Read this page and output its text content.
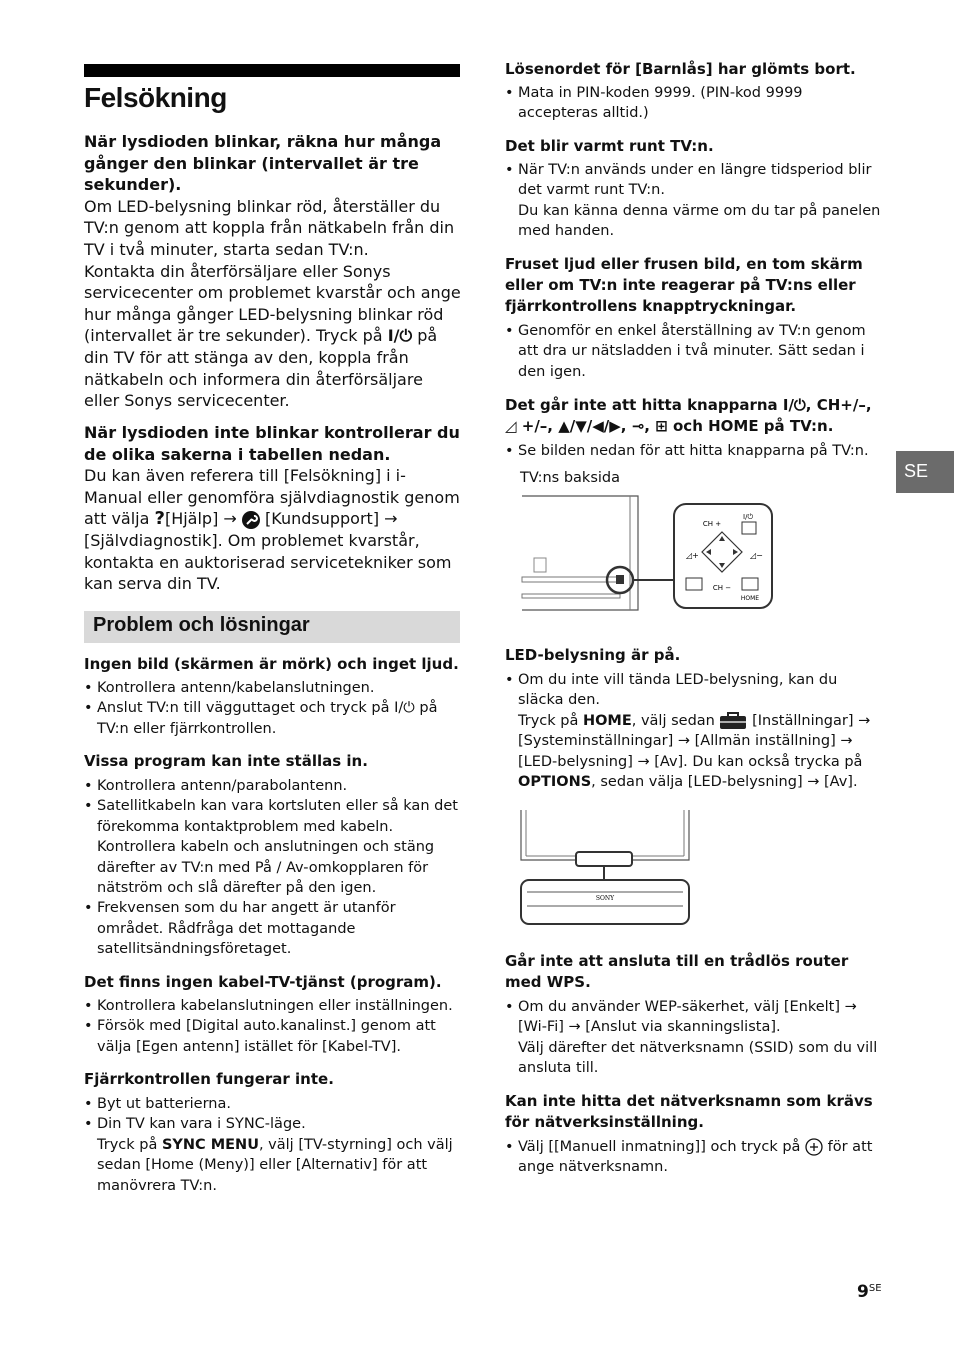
Felsökning

När lysdioden blinkar, räkna hur många gånger den blinkar (intervallet är tre sekunder).

Om LED-belysning blinkar röd, återställer du TV:n genom att koppla från nätkabeln från din TV i två minuter, starta sedan TV:n.

Kontakta din återförsäljare eller Sonys servicecenter om problemet kvarstår och ange hur många gånger LED-belysning blinkar röd (intervallet är tre sekunder). Tryck på I/⏻ på din TV för att stänga av den, koppla från nätkabeln och informera din återförsäljare eller Sonys servicecenter.

När lysdioden inte blinkar kontrollerar du de olika sakerna i tabellen nedan.

Du kan även referera till [Felsökning] i i-Manual eller genomföra självdiagnostik genom att välja ?[Hjälp] → [Kundsupport] → [Självdiagnostik]. Om problemet kvarstår, kontakta en auktoriserad servicetekniker som kan serva din TV.

Problem och lösningar
Ingen bild (skärmen är mörk) och inget ljud.
• Kontrollera antenn/kabelanslutningen.
• Anslut TV:n till vägguttaget och tryck på I/⏻ på TV:n eller fjärrkontrollen.
Vissa program kan inte ställas in.
• Kontrollera antenn/parabolantenn.
• Satellitkabeln kan vara kortsluten eller så kan det förekomma kontaktproblem med kabeln. Kontrollera kabeln och anslutningen och stäng därefter av TV:n med På / Av-omkopplaren för nätström och slå därefter på den igen.
• Frekvensen som du har angett är utanför området. Rådfråga det mottagande satellitsändningsföretaget.
Det finns ingen kabel-TV-tjänst (program).
• Kontrollera kabelanslutningen eller inställningen.
• Försök med [Digital auto.kanalinst.] genom att välja [Egen antenn] istället för [Kabel-TV].
Fjärrkontrollen fungerar inte.
• Byt ut batterierna.
• Din TV kan vara i SYNC-läge.
Tryck på SYNC MENU, välj [TV-styrning] och välj sedan [Home (Meny)] eller [Alternativ] för att manövrera TV:n.
Lösenordet för [Barnlås] har glömts bort.
• Mata in PIN-koden 9999. (PIN-kod 9999 accepteras alltid.)
Det blir varmt runt TV:n.
• När TV:n används under en längre tidsperiod blir det varmt runt TV:n.
Du kan känna denna värme om du tar på panelen med handen.
Fruset ljud eller frusen bild, en tom skärm eller om TV:n inte reagerar på TV:ns eller fjärrkontrollens knapptryckningar.
• Genomför en enkel återställning av TV:n genom att dra ur nätsladden i två minuter. Sätt sedan i den igen.
Det går inte att hitta knapparna I/⏻, CH+/–,
◿ +/–, ▲/▼/◀/▶, ⊸, ⊞ och HOME på TV:n.
• Se bilden nedan för att hitta knapparna på TV:n.
TV:ns baksida
CH +
I/⏻
◿+	◿−
CH −
HOME
LED-belysning är på.
• Om du inte vill tända LED-belysning, kan du släcka den.
Tryck på HOME, välj sedan  [Inställningar] → [Systeminställningar] → [Allmän inställning] → [LED-belysning] → [Av]. Du kan också trycka på OPTIONS, sedan välja [LED-belysning] → [Av].
SONY
Går inte att ansluta till en trådlös router med WPS.
• Om du använder WEP-säkerhet, välj [Enkelt] → [Wi-Fi] → [Anslut via skanningslista].
Välj därefter det nätverksnamn (SSID) som du vill ansluta till.
Kan inte hitta det nätverksnamn som krävs för nätverksinställning.
• Välj [[Manuell inmatning]] och tryck på  för att ange nätverksnamn.
SE
$9^{SE}$
